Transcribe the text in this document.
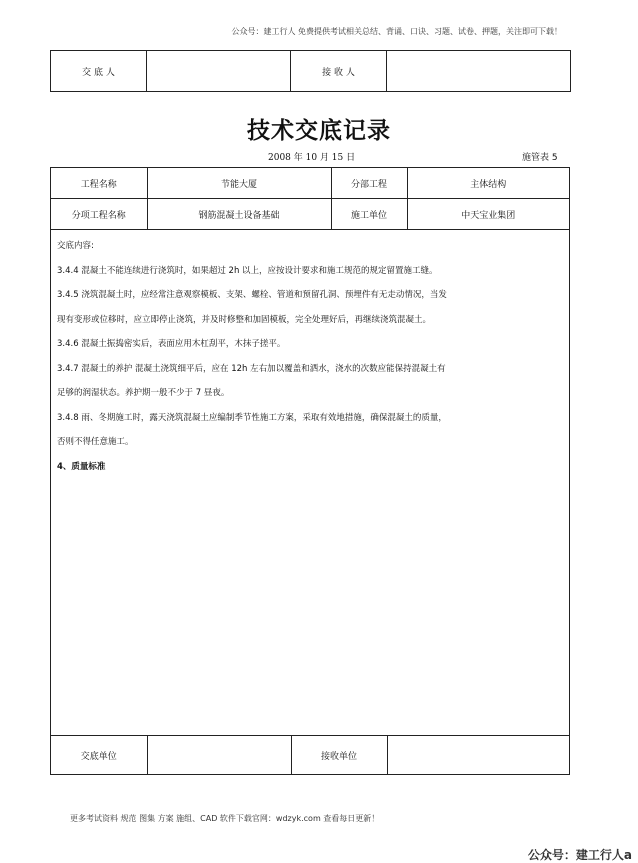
公众号：建工行人 免费提供考试相关总结、背诵、口诀、习题、试卷、押题，关注即可下载！
交 底 人		接 收 人	
技术交底记录
2008 年 10 月 15 日	施管表 5
工程名称	节能大厦	分部工程	主体结构
分项工程名称	钢筋混凝土设备基础	施工单位	中天宝业集团

交底内容:

3.4.4 混凝土不能连续进行浇筑时，如果超过 2h 以上，应按设计要求和施工规范的规定留置施工缝。

3.4.5 浇筑混凝土时，应经常注意观察模板、支架、螺栓、管道和预留孔洞、预埋件有无走动情况，当发

现有变形或位移时，应立即停止浇筑，并及时修整和加固模板，完全处理好后，再继续浇筑混凝土。

3.4.6 混凝土振捣密实后，表面应用木杠刮平，木抹子搓平。

3.4.7 混凝土的养护 混凝土浇筑细平后，应在 12h 左右加以覆盖和洒水，浇水的次数应能保持混凝土有

足够的润湿状态。养护期一般不少于 7 昼夜。

3.4.8 雨、冬期施工时，露天浇筑混凝土应编制季节性施工方案，采取有效地措施，确保混凝土的质量，

否则不得任意施工。

4、质量标准

交底单位		接收单位	
更多考试资料 规范 图集 方案 施组、CAD 软件下载官网：wdzyk.com 查看每日更新！
公众号：建工行人a
